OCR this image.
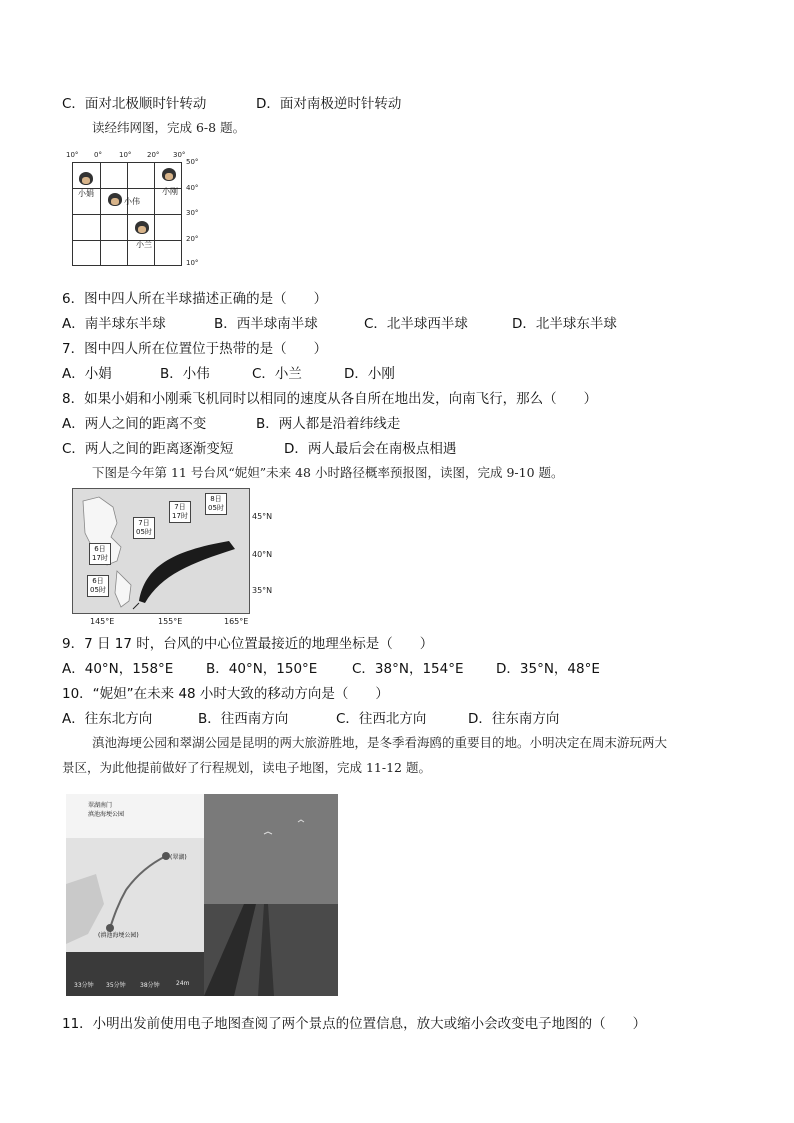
C．面对北极顺时针转动	D．面对南极逆时针转动
读经纬网图，完成 6-8 题。
10° 0° 10° 20° 30°
50°
40°
30°
20°
10°
小娟
小伟
小刚
小兰
6．图中四人所在半球描述正确的是（　　）
A．南半球东半球	B．西半球南半球	C．北半球西半球	D．北半球东半球
7．图中四人所在位置位于热带的是（　　）
A．小娟	B．小伟	C．小兰	D．小刚
8．如果小娟和小刚乘飞机同时以相同的速度从各自所在地出发，向南飞行，那么（　　）
A．两人之间的距离不变	B．两人都是沿着纬线走
C．两人之间的距离逐渐变短	D．两人最后会在南极点相遇
下图是今年第 11 号台风“妮妲”未来 48 小时路径概率预报图，读图，完成 9-10 题。
7日
05时
7日
17时
8日
05时
6日
17时
6日
05时
45°N
40°N
35°N
145°E	155°E	165°E
9．7 日 17 时，台风的中心位置最接近的地理坐标是（　　）
A．40°N，158°E B．40°N，150°E	C．38°N，154°E D．35°N，48°E
10．“妮妲”在未来 48 小时大致的移动方向是（　　）
A．往东北方向	B．往西南方向	C．往西北方向	D．往东南方向
滇池海埂公园和翠湖公园是昆明的两大旅游胜地，是冬季看海鸥的重要目的地。小明决定在周末游玩两大
景区，为此他提前做好了行程规划，读电子地图，完成 11-12 题。
翠湖南门
滇池海埂公园
(翠湖)
(滇池海埂公园)
33分钟 35分钟 38分钟	24m
11．小明出发前使用电子地图查阅了两个景点的位置信息，放大或缩小会改变电子地图的（　　）
